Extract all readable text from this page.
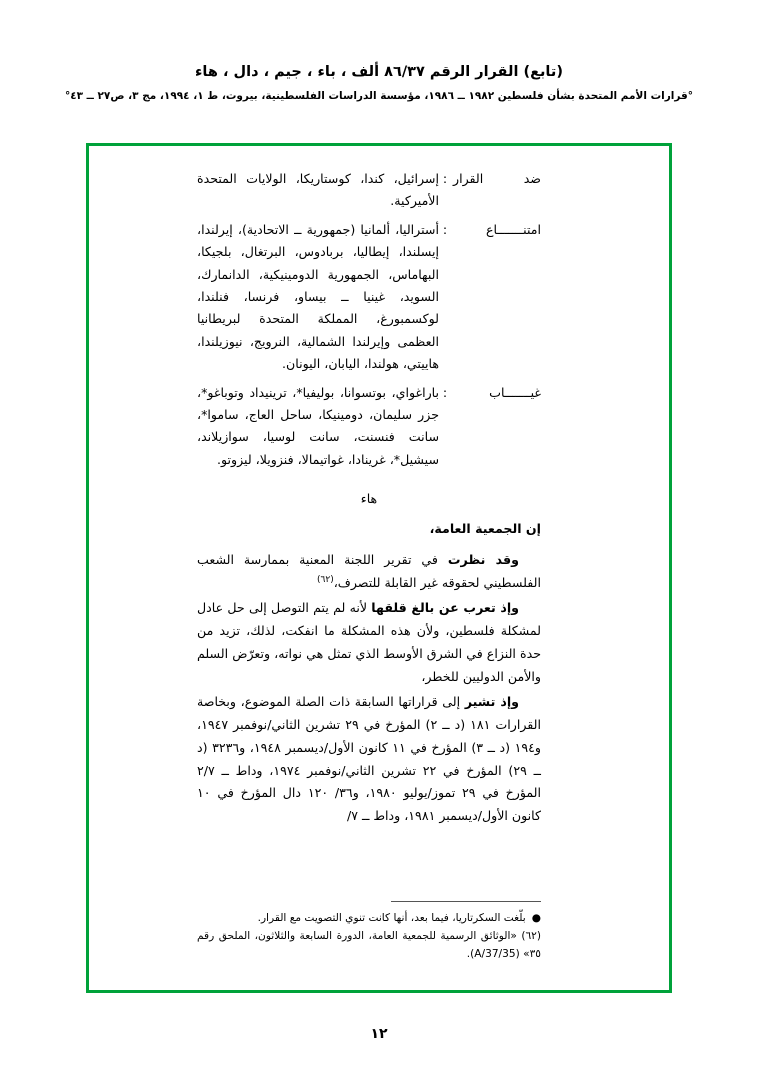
(تابع) القرار الرقم ٨٦/٣٧ ألف ، باء ، جيم ، دال ، هاء
°قرارات الأمم المتحدة بشأن فلسطين ١٩٨٢ ــ ١٩٨٦، مؤسسة الدراسات الفلسطينية، بيروت، ط ١، ١٩٩٤، مج ٣، ص٢٧ ــ ٤٣°
ضد القرار	:	إسرائيل، كندا، كوستاريكا، الولايات المتحدة الأميركية.
امتنـــــــاع	:	أستراليا، ألمانيا (جمهورية ــ الاتحادية)، إيرلندا، إيسلندا، إيطاليا، بربادوس، البرتغال، بلجيكا، البهاماس، الجمهورية الدومينيكية، الدانمارك، السويد، غينيا ــ بيساو، فرنسا، فنلندا، لوكسمبورغ، المملكة المتحدة لبريطانيا العظمى وإيرلندا الشمالية، النرويج، نيوزيلندا، هاييتي، هولندا، اليابان، اليونان.
غيـــــــاب	:	باراغواي، بوتسوانا، بوليفيا*، ترينيداد وتوباغو*، جزر سليمان، دومينيكا، ساحل العاج، ساموا*، سانت فنسنت، سانت لوسيا، سوازيلاند، سيشيل*، غرينادا، غواتيمالا، فنزويلا، ليزوتو.
هاء
إن الجمعية العامة،
وقد نظرت في تقرير اللجنة المعنية بممارسة الشعب الفلسطيني لحقوقه غير القابلة للتصرف،$^{(٦٢)}$
وإذ تعرب عن بالغ قلقها لأنه لم يتم التوصل إلى حل عادل لمشكلة فلسطين، ولأن هذه المشكلة ما انفكت، لذلك، تزيد من حدة النزاع في الشرق الأوسط الذي تمثل هي نواته، وتعرّض السلم والأمن الدوليين للخطر،
وإذ تشير إلى قراراتها السابقة ذات الصلة الموضوع، وبخاصة القرارات ١٨١ (د ــ ٢) المؤرخ في ٢٩ تشرين الثاني/نوفمبر ١٩٤٧، و١٩٤ (د ــ ٣) المؤرخ في ١١ كانون الأول/ديسمبر ١٩٤٨، و٣٢٣٦ (د ــ ٢٩) المؤرخ في ٢٢ تشرين الثاني/نوفمبر ١٩٧٤، وداط ــ ٢/٧ المؤرخ في ٢٩ تموز/يوليو ١٩٨٠، و٣٦/ ١٢٠ دال المؤرخ في ١٠ كانون الأول/ديسمبر ١٩٨١، وداط ــ ٧/
●بلّغت السكرتاريا، فيما بعد، أنها كانت تنوي التصويت مع القرار.
(٦٢) «الوثائق الرسمية للجمعية العامة، الدورة السابعة والثلاثون، الملحق رقم ٣٥» (A/37/35).
١٢
